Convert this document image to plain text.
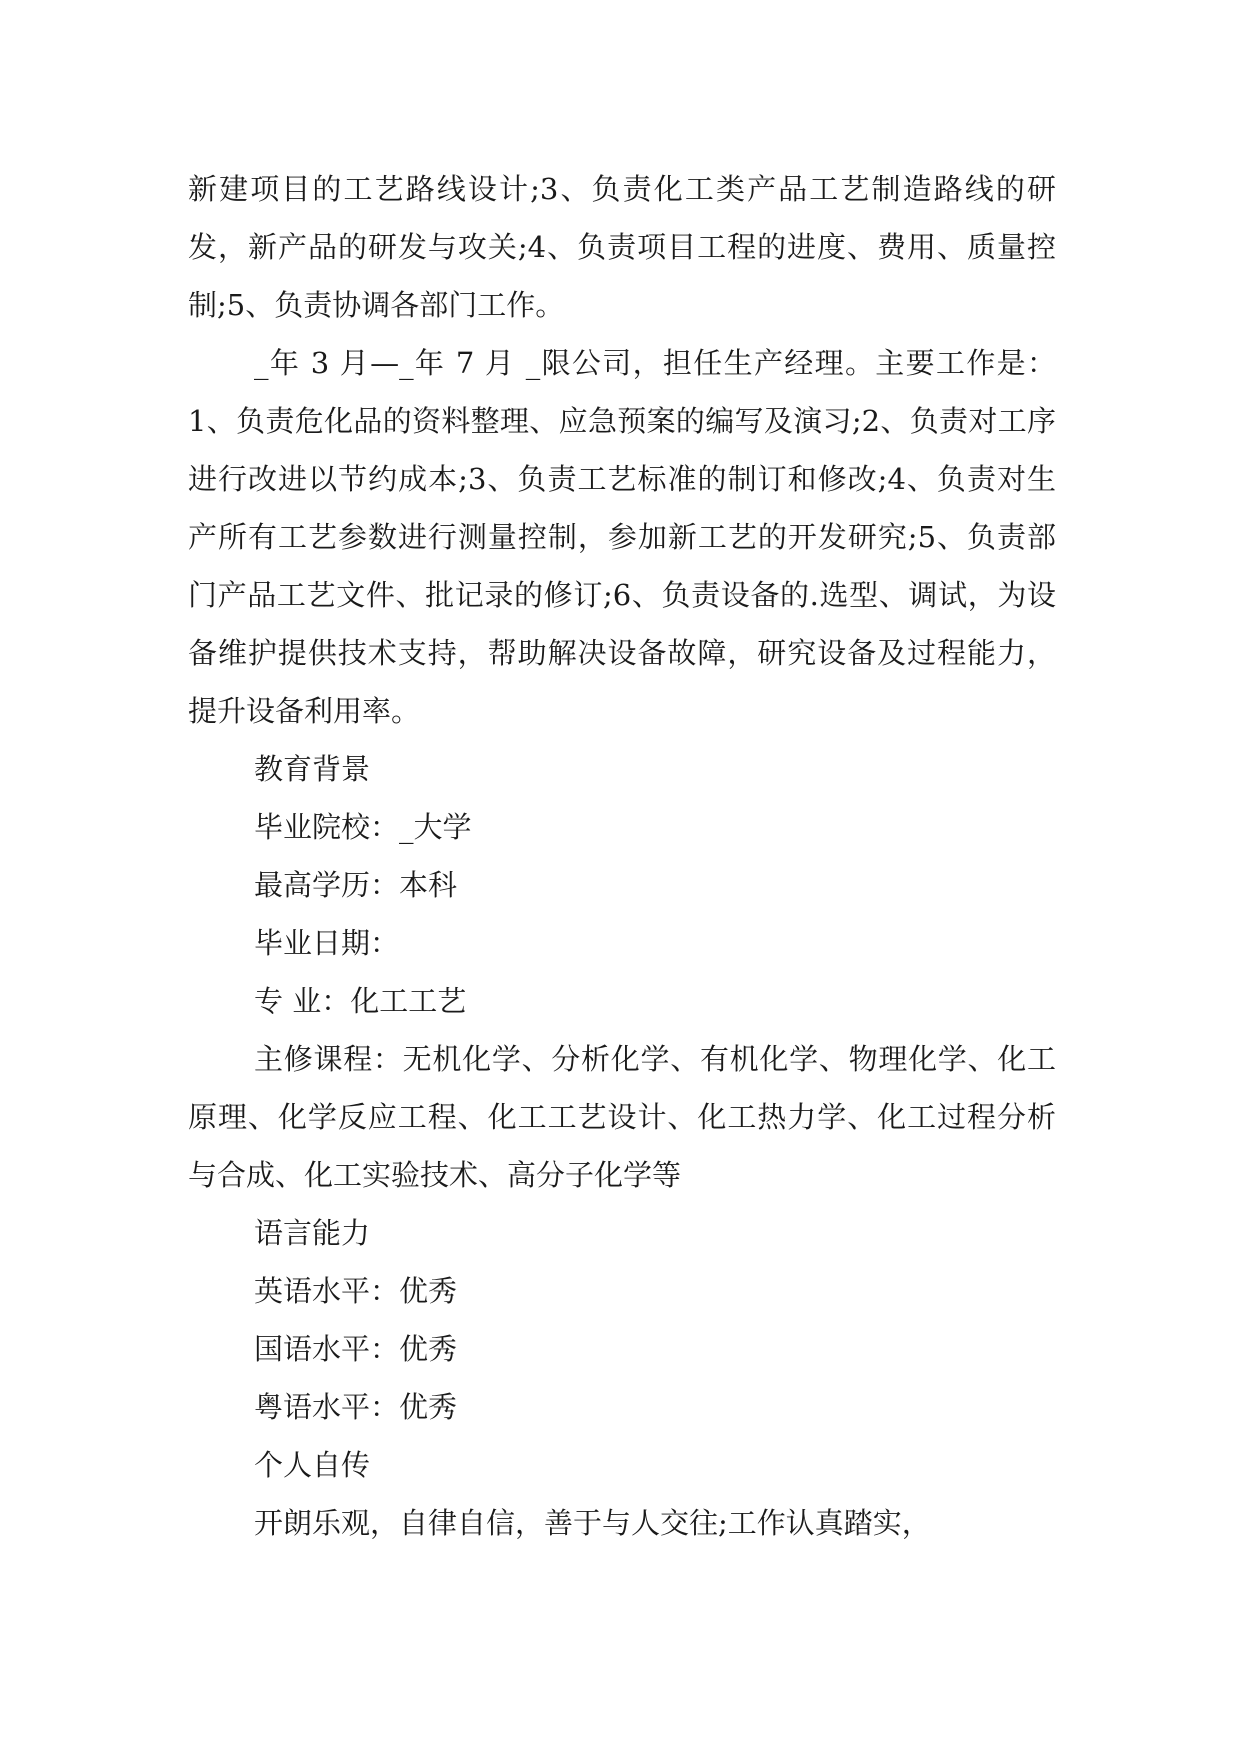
新建项目的工艺路线设计;3、负责化工类产品工艺制造路线的研发，新产品的研发与攻关;4、负责项目工程的进度、费用、质量控制;5、负责协调各部门工作。

_年 3 月—_年 7 月 _限公司，担任生产经理。主要工作是：1、负责危化品的资料整理、应急预案的编写及演习;2、负责对工序进行改进以节约成本;3、负责工艺标准的制订和修改;4、负责对生产所有工艺参数进行测量控制，参加新工艺的开发研究;5、负责部门产品工艺文件、批记录的修订;6、负责设备的.选型、调试，为设备维护提供技术支持，帮助解决设备故障，研究设备及过程能力，提升设备利用率。

教育背景

毕业院校：_大学

最高学历：本科

毕业日期：

专 业：化工工艺

主修课程：无机化学、分析化学、有机化学、物理化学、化工原理、化学反应工程、化工工艺设计、化工热力学、化工过程分析与合成、化工实验技术、高分子化学等

语言能力

英语水平：优秀

国语水平：优秀

粤语水平：优秀

个人自传

开朗乐观，自律自信，善于与人交往;工作认真踏实，
